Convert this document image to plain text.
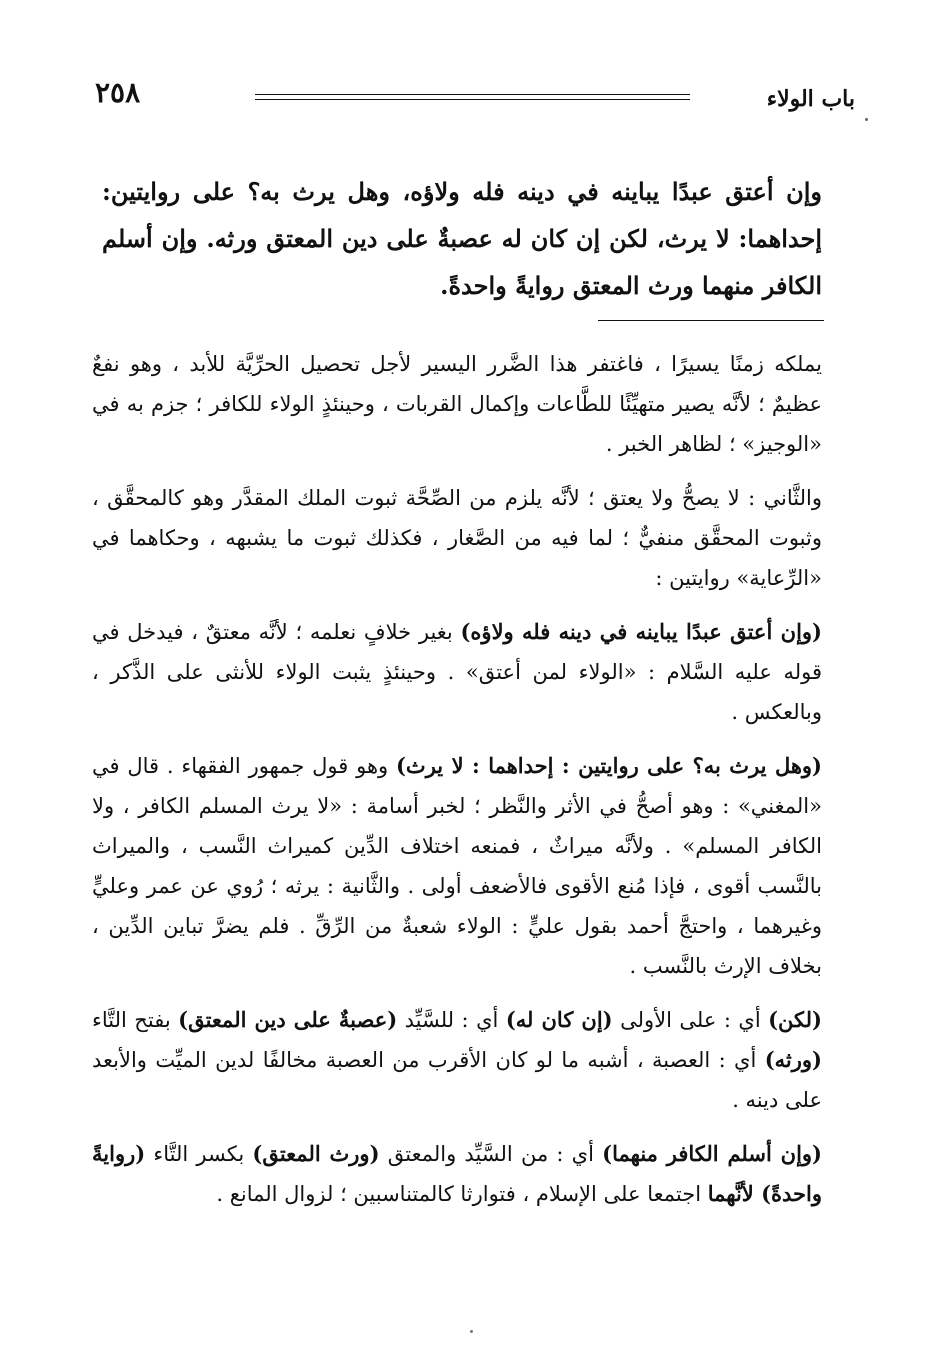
باب الولاء
٢٥٨
وإن أعتق عبدًا يباينه في دينه فله ولاؤه، وهل يرث به؟ على روايتين: إحداهما: لا يرث، لكن إن كان له عصبةٌ على دين المعتق ورثه. وإن أسلم الكافر منهما ورث المعتق روايةً واحدةً.

يملكه زمنًا يسيرًا ، فاغتفر هذا الضَّرر اليسير لأجل تحصيل الحرِّيَّة للأبد ، وهو نفعٌ عظيمٌ ؛ لأنَّه يصير متهيِّئًا للطَّاعات وإكمال القربات ، وحينئذٍ الولاء للكافر ؛ جزم به في «الوجيز» ؛ لظاهر الخبر .

والثَّاني : لا يصحُّ ولا يعتق ؛ لأنَّه يلزم من الصِّحَّة ثبوت الملك المقدَّر وهو كالمحقَّق ، وثبوت المحقَّق منفيٌّ ؛ لما فيه من الصَّغار ، فكذلك ثبوت ما يشبهه ، وحكاهما في «الرِّعاية» روايتين :

(وإن أعتق عبدًا يباينه في دينه فله ولاؤه) بغير خلافٍ نعلمه ؛ لأنَّه معتقٌ ، فيدخل في قوله عليه السَّلام : «الولاء لمن أعتق» . وحينئذٍ يثبت الولاء للأنثى على الذَّكر ، وبالعكس .

(وهل يرث به؟ على روايتين : إحداهما : لا يرث) وهو قول جمهور الفقهاء . قال في «المغني» : وهو أصحُّ في الأثر والنَّظر ؛ لخبر أسامة : «لا يرث المسلم الكافر ، ولا الكافر المسلم» . ولأنَّه ميراثٌ ، فمنعه اختلاف الدِّين كميراث النَّسب ، والميراث بالنَّسب أقوى ، فإذا مُنع الأقوى فالأضعف أولى . والثَّانية : يرثه ؛ رُوي عن عمر وعليٍّ وغيرهما ، واحتجَّ أحمد بقول عليٍّ : الولاء شعبةٌ من الرِّقِّ . فلم يضرَّ تباين الدِّين ، بخلاف الإرث بالنَّسب .

(لكن) أي : على الأولى (إن كان له) أي : للسَّيِّد (عصبةٌ على دين المعتق) بفتح التَّاء (ورثه) أي : العصبة ، أشبه ما لو كان الأقرب من العصبة مخالفًا لدين الميِّت والأبعد على دينه .

(وإن أسلم الكافر منهما) أي : من السَّيِّد والمعتق (ورث المعتق) بكسر التَّاء (روايةً واحدةً) لأنَّهما اجتمعا على الإسلام ، فتوارثا كالمتناسبين ؛ لزوال المانع .
